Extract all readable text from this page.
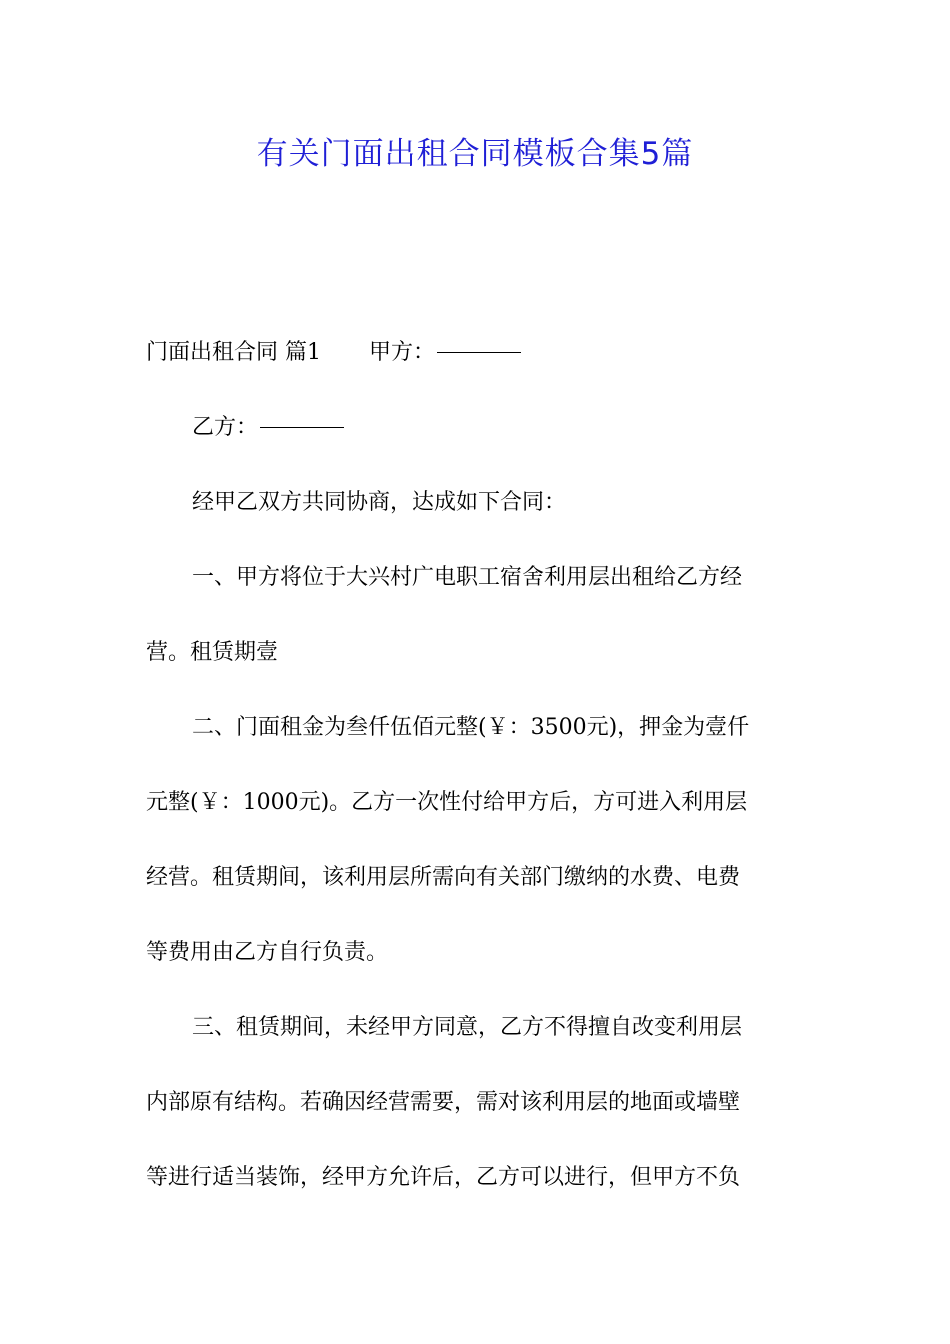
有关门面出租合同模板合集5篇
门面出租合同 篇1 甲方：
乙方：
经甲乙双方共同协商，达成如下合同：
一、甲方将位于大兴村广电职工宿舍利用层出租给乙方经
营。租赁期壹
二、门面租金为叁仟伍佰元整(￥：3500元)，押金为壹仟
元整(￥：1000元)。乙方一次性付给甲方后，方可进入利用层
经营。租赁期间，该利用层所需向有关部门缴纳的水费、电费
等费用由乙方自行负责。
三、租赁期间，未经甲方同意，乙方不得擅自改变利用层
内部原有结构。若确因经营需要，需对该利用层的地面或墙壁
等进行适当装饰，经甲方允许后，乙方可以进行，但甲方不负
